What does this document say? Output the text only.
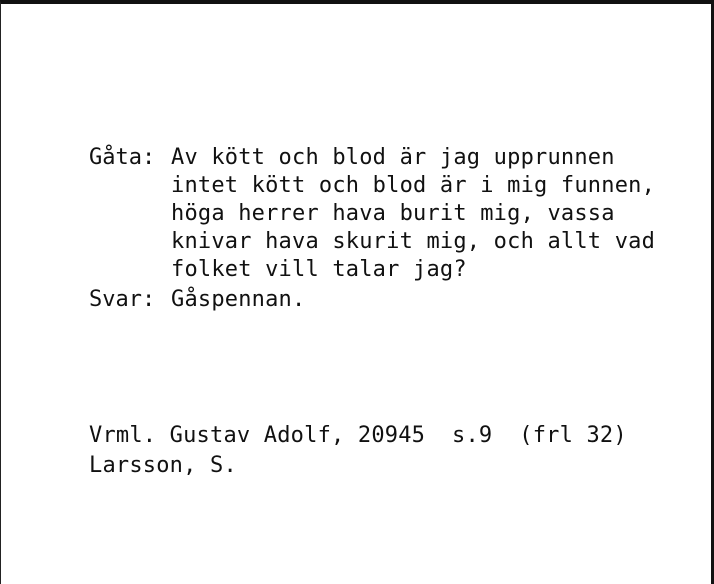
Gåta: Av kött och blod är jag upprunnen
intet kött och blod är i mig funnen,
höga herrer hava burit mig, vassa
knivar hava skurit mig, och allt vad
folket vill talar jag?
Svar: Gåspennan.
Vrml. Gustav Adolf, 20945  s.9  (frl 32)
Larsson, S.
